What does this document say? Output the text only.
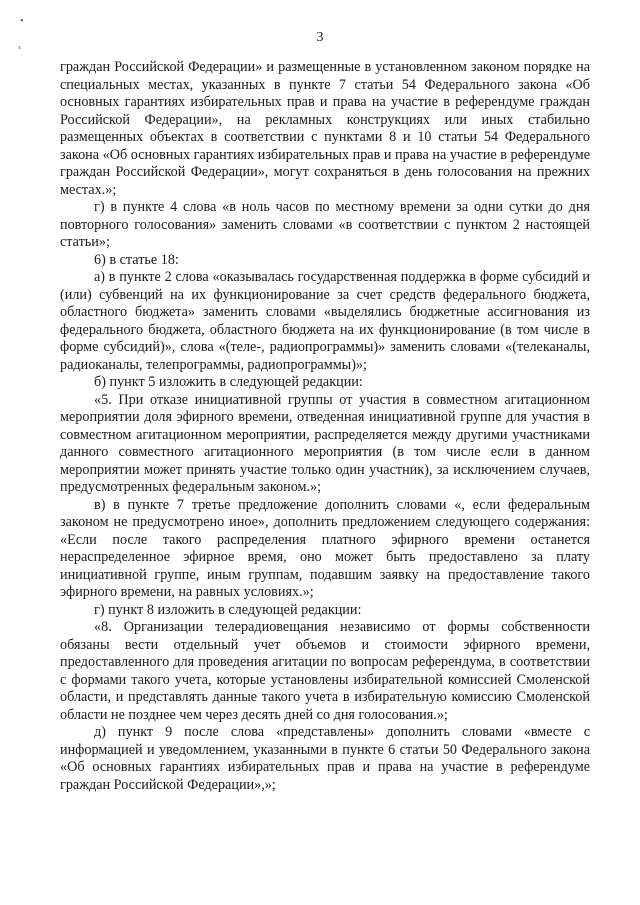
3
•
ₓ

граждан Российской Федерации» и размещенные в установленном законом порядке на специальных местах, указанных в пункте 7 статьи 54 Федерального закона «Об основных гарантиях избирательных прав и права на участие в референдуме граждан Российской Федерации», на рекламных конструкциях или иных стабильно размещенных объектах в соответствии с пунктами 8 и 10 статьи 54 Федерального закона «Об основных гарантиях избирательных прав и права на участие в референдуме граждан Российской Федерации», могут сохраняться в день голосования на прежних местах.»;

г) в пункте 4 слова «в ноль часов по местному времени за одни сутки до дня повторного голосования» заменить словами «в соответствии с пунктом 2 настоящей статьи»;

6) в статье 18:

а) в пункте 2 слова «оказывалась государственная поддержка в форме субсидий и (или) субвенций на их функционирование за счет средств федерального бюджета, областного бюджета» заменить словами «выделялись бюджетные ассигнования из федерального бюджета, областного бюджета на их функционирование (в том числе в форме субсидий)», слова «(теле-, радиопрограммы)» заменить словами «(телеканалы, радиоканалы, телепрограммы, радиопрограммы)»;

б) пункт 5 изложить в следующей редакции:

«5. При отказе инициативной группы от участия в совместном агитационном мероприятии доля эфирного времени, отведенная инициативной группе для участия в совместном агитационном мероприятии, распределяется между другими участниками данного совместного агитационного мероприятия (в том числе если в данном мероприятии может принять участие только один участник), за исключением случаев, предусмотренных федеральным законом.»;

в) в пункте 7 третье предложение дополнить словами «, если федеральным законом не предусмотрено иное», дополнить предложением следующего содержания: «Если после такого распределения платного эфирного времени останется нераспределенное эфирное время, оно может быть предоставлено за плату инициативной группе, иным группам, подавшим заявку на предоставление такого эфирного времени, на равных условиях.»;

г) пункт 8 изложить в следующей редакции:

«8. Организации телерадиовещания независимо от формы собственности обязаны вести отдельный учет объемов и стоимости эфирного времени, предоставленного для проведения агитации по вопросам референдума, в соответствии с формами такого учета, которые установлены избирательной комиссией Смоленской области, и представлять данные такого учета в избирательную комиссию Смоленской области не позднее чем через десять дней со дня голосования.»;

д) пункт 9 после слова «представлены» дополнить словами «вместе с информацией и уведомлением, указанными в пункте 6 статьи 50 Федерального закона «Об основных гарантиях избирательных прав и права на участие в референдуме граждан Российской Федерации»,»;
